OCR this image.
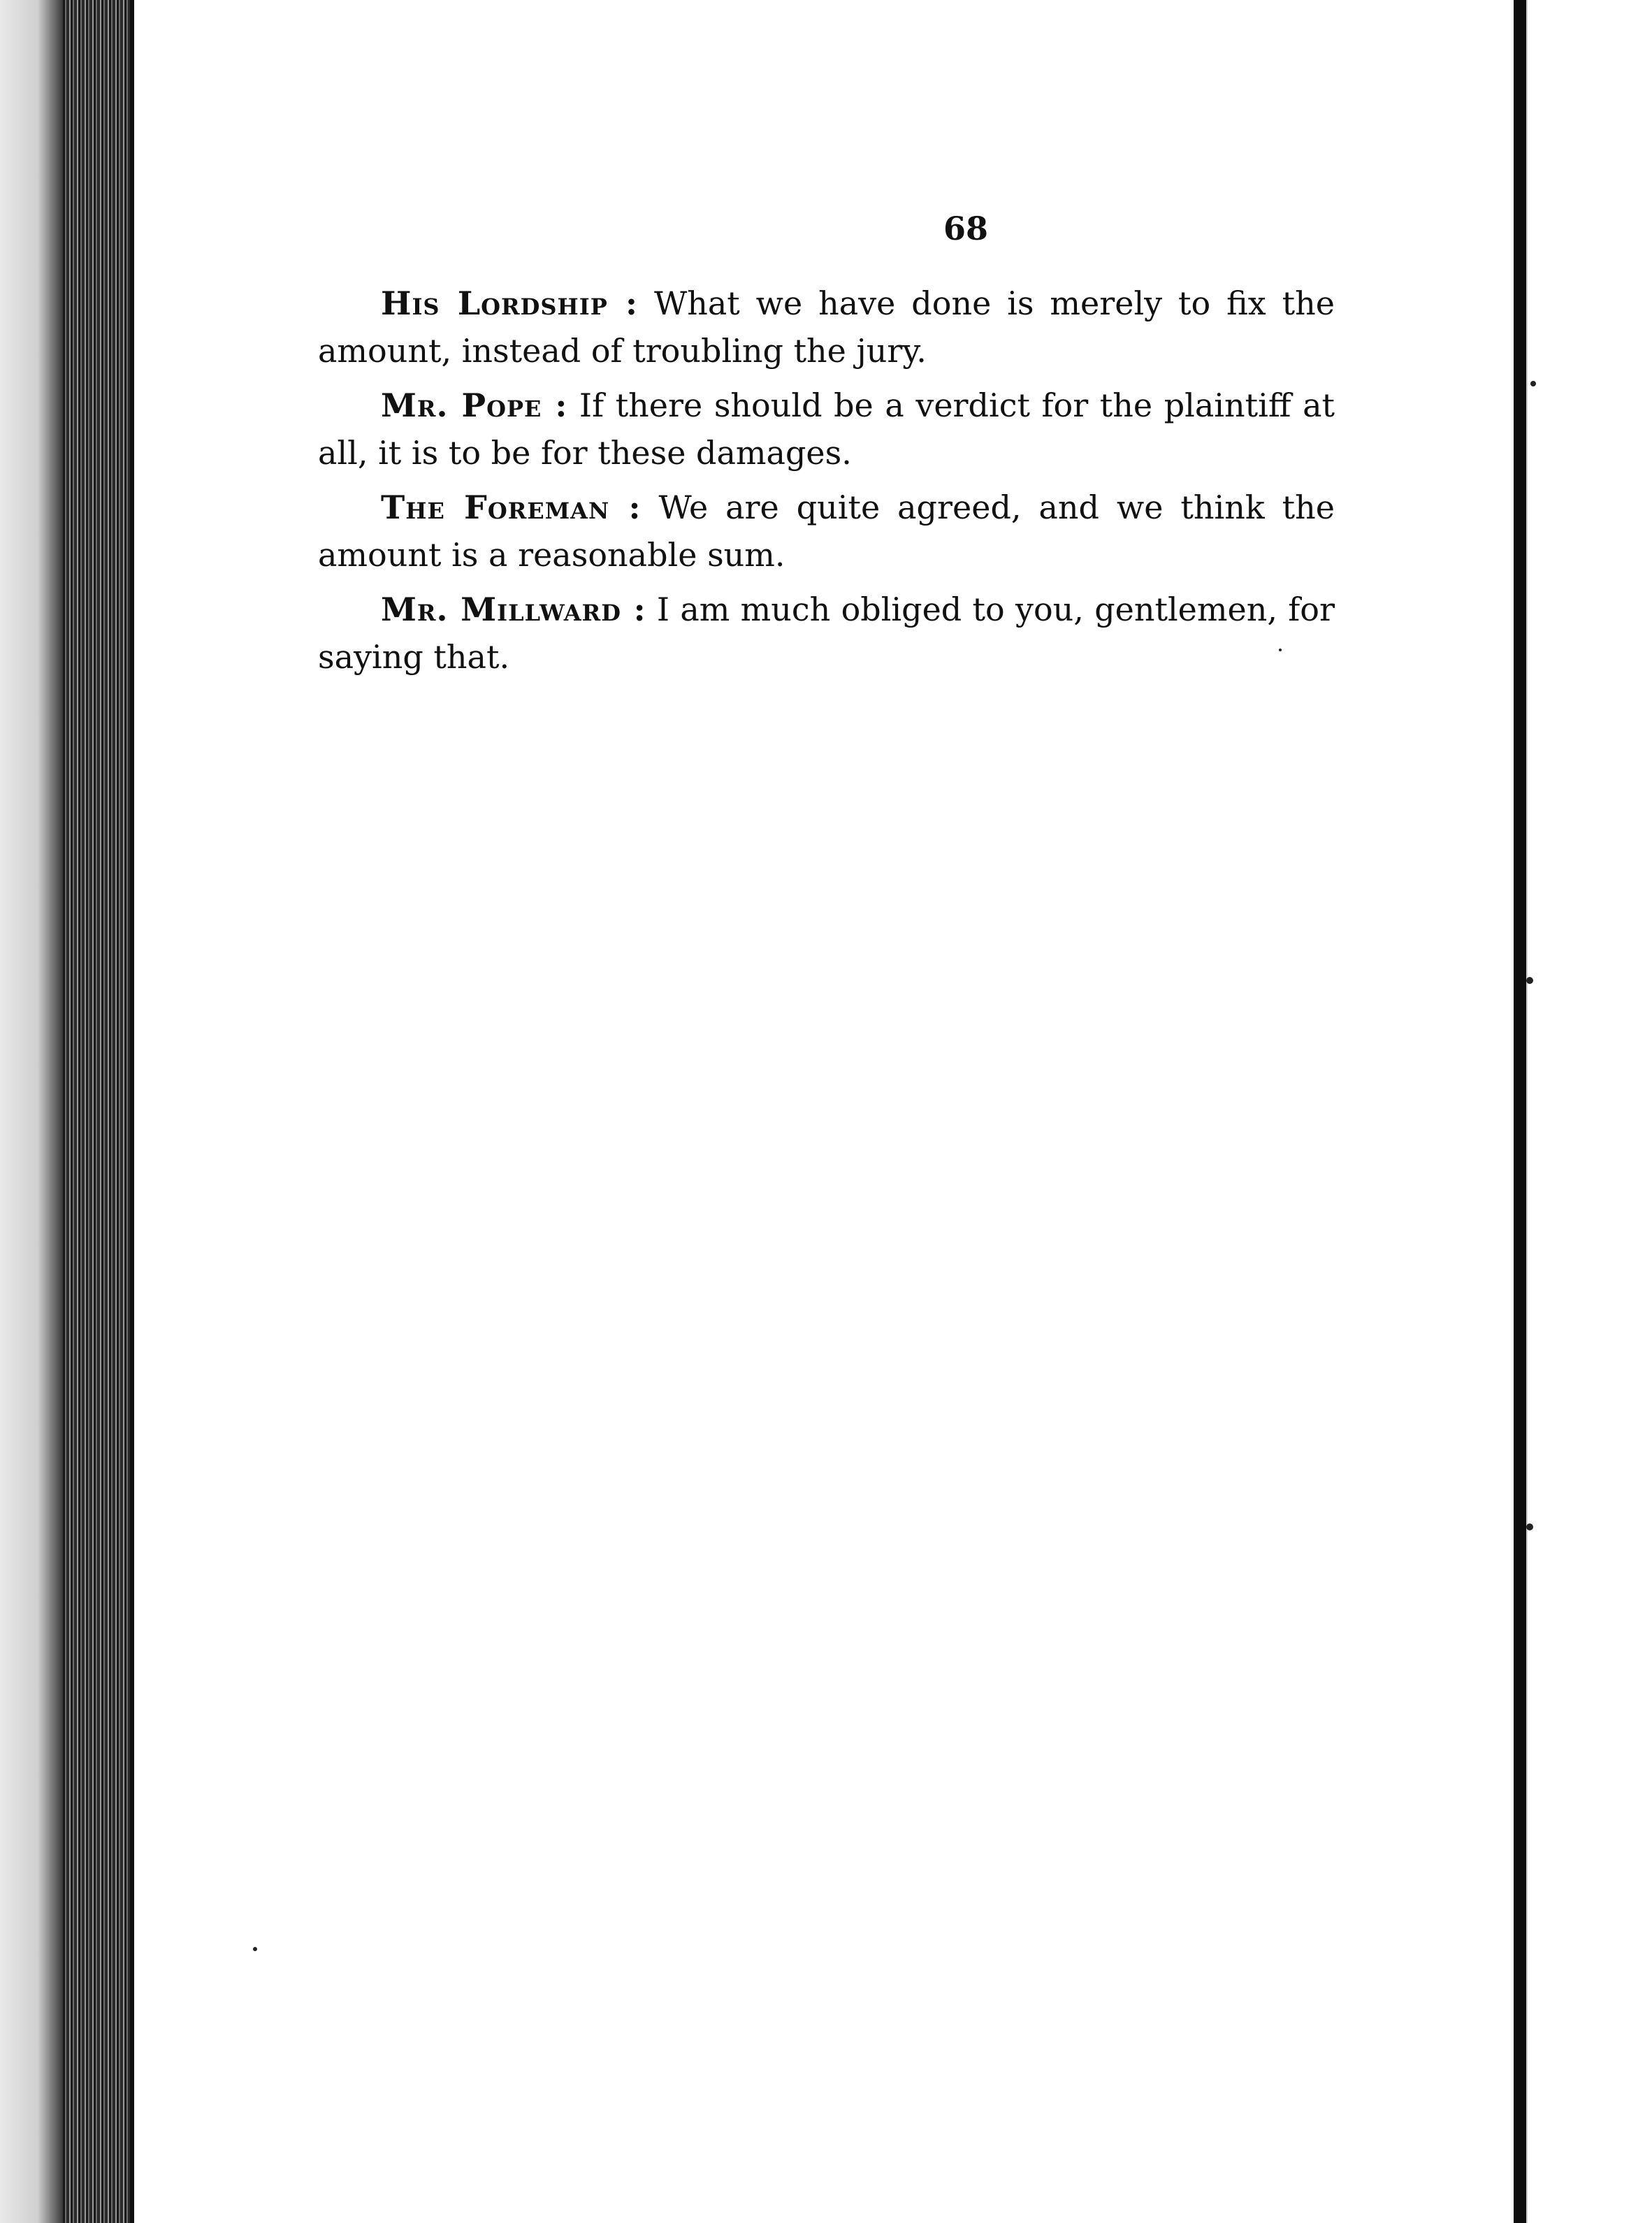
68

His Lordship : What we have done is merely to fix the amount, instead of troubling the jury.

Mr. Pope : If there should be a verdict for the plaintiff at all, it is to be for these damages.

The Foreman : We are quite agreed, and we think the amount is a reasonable sum.

Mr. Millward : I am much obliged to you, gentlemen, for saying that.
